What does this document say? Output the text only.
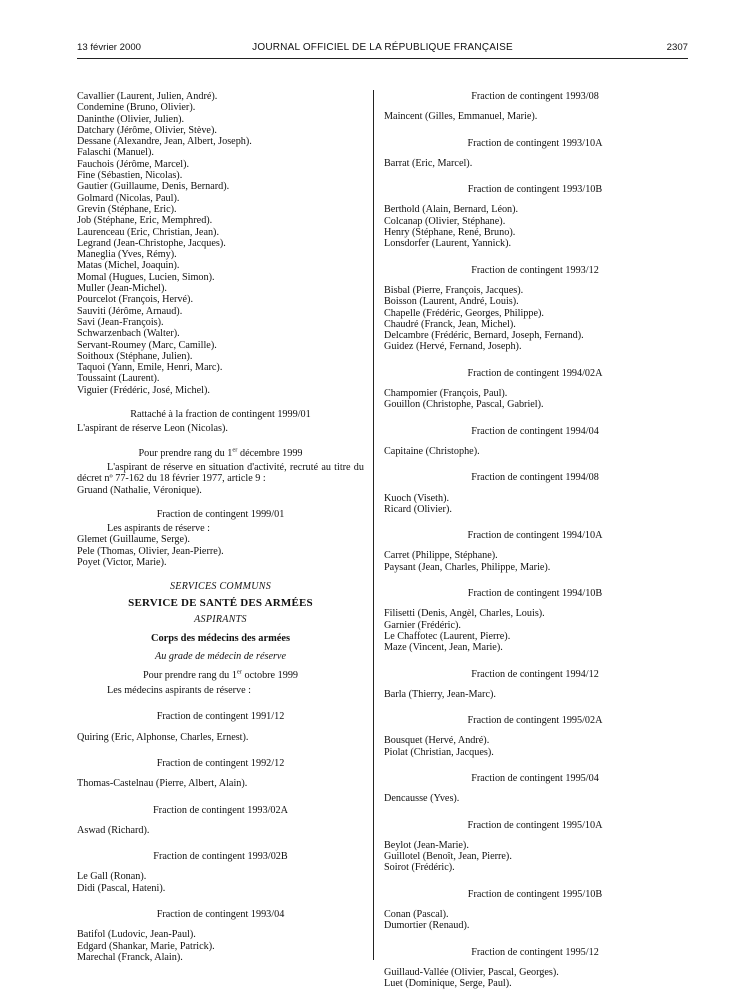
13 février 2000	JOURNAL OFFICIEL DE LA RÉPUBLIQUE FRANÇAISE	2307
Cavallier (Laurent, Julien, André).
Condemine (Bruno, Olivier).
Daninthe (Olivier, Julien).
Datchary (Jérôme, Olivier, Stève).
Dessane (Alexandre, Jean, Albert, Joseph).
Falaschi (Manuel).
Fauchois (Jérôme, Marcel).
Fine (Sébastien, Nicolas).
Gautier (Guillaume, Denis, Bernard).
Golmard (Nicolas, Paul).
Grevin (Stéphane, Eric).
Job (Stéphane, Eric, Memphred).
Laurenceau (Eric, Christian, Jean).
Legrand (Jean-Christophe, Jacques).
Maneglia (Yves, Rémy).
Matas (Michel, Joaquin).
Momal (Hugues, Lucien, Simon).
Muller (Jean-Michel).
Pourcelot (François, Hervé).
Sauviti (Jérôme, Arnaud).
Savi (Jean-François).
Schwarzenbach (Walter).
Servant-Roumey (Marc, Camille).
Soithoux (Stéphane, Julien).
Taquoi (Yann, Emile, Henri, Marc).
Toussaint (Laurent).
Viguier (Frédéric, José, Michel).
Rattaché à la fraction de contingent 1999/01
L'aspirant de réserve Leon (Nicolas).
Pour prendre rang du 1er décembre 1999
L'aspirant de réserve en situation d'activité, recruté au titre du décret nº 77-162 du 18 février 1977, article 9 :
Gruand (Nathalie, Véronique).
Fraction de contingent 1999/01
Les aspirants de réserve :
Glemet (Guillaume, Serge).
Pele (Thomas, Olivier, Jean-Pierre).
Poyet (Victor, Marie).
SERVICES COMMUNS
SERVICE DE SANTÉ DES ARMÉES
ASPIRANTS
Corps des médecins des armées
Au grade de médecin de réserve
Pour prendre rang du 1er octobre 1999
Les médecins aspirants de réserve :
Fraction de contingent 1991/12
Quiring (Eric, Alphonse, Charles, Ernest).
Fraction de contingent 1992/12
Thomas-Castelnau (Pierre, Albert, Alain).
Fraction de contingent 1993/02A
Aswad (Richard).
Fraction de contingent 1993/02B
Le Gall (Ronan).
Didi (Pascal, Hateni).
Fraction de contingent 1993/04
Batifol (Ludovic, Jean-Paul).
Edgard (Shankar, Marie, Patrick).
Marechal (Franck, Alain).
Fraction de contingent 1993/08
Maincent (Gilles, Emmanuel, Marie).
Fraction de contingent 1993/10A
Barrat (Eric, Marcel).
Fraction de contingent 1993/10B
Berthold (Alain, Bernard, Léon).
Colcanap (Olivier, Stéphane).
Henry (Stéphane, René, Bruno).
Lonsdorfer (Laurent, Yannick).
Fraction de contingent 1993/12
Bisbal (Pierre, François, Jacques).
Boisson (Laurent, André, Louis).
Chapelle (Frédéric, Georges, Philippe).
Chaudré (Franck, Jean, Michel).
Delcambre (Frédéric, Bernard, Joseph, Fernand).
Guidez (Hervé, Fernand, Joseph).
Fraction de contingent 1994/02A
Champomier (François, Paul).
Gouillon (Christophe, Pascal, Gabriel).
Fraction de contingent 1994/04
Capitaine (Christophe).
Fraction de contingent 1994/08
Kuoch (Viseth).
Ricard (Olivier).
Fraction de contingent 1994/10A
Carret (Philippe, Stéphane).
Paysant (Jean, Charles, Philippe, Marie).
Fraction de contingent 1994/10B
Filisetti (Denis, Angèl, Charles, Louis).
Garnier (Frédéric).
Le Chaffotec (Laurent, Pierre).
Maze (Vincent, Jean, Marie).
Fraction de contingent 1994/12
Barla (Thierry, Jean-Marc).
Fraction de contingent 1995/02A
Bousquet (Hervé, André).
Piolat (Christian, Jacques).
Fraction de contingent 1995/04
Dencausse (Yves).
Fraction de contingent 1995/10A
Beylot (Jean-Marie).
Guillotel (Benoît, Jean, Pierre).
Soirot (Frédéric).
Fraction de contingent 1995/10B
Conan (Pascal).
Dumortier (Renaud).
Fraction de contingent 1995/12
Guillaud-Vallée (Olivier, Pascal, Georges).
Luet (Dominique, Serge, Paul).
